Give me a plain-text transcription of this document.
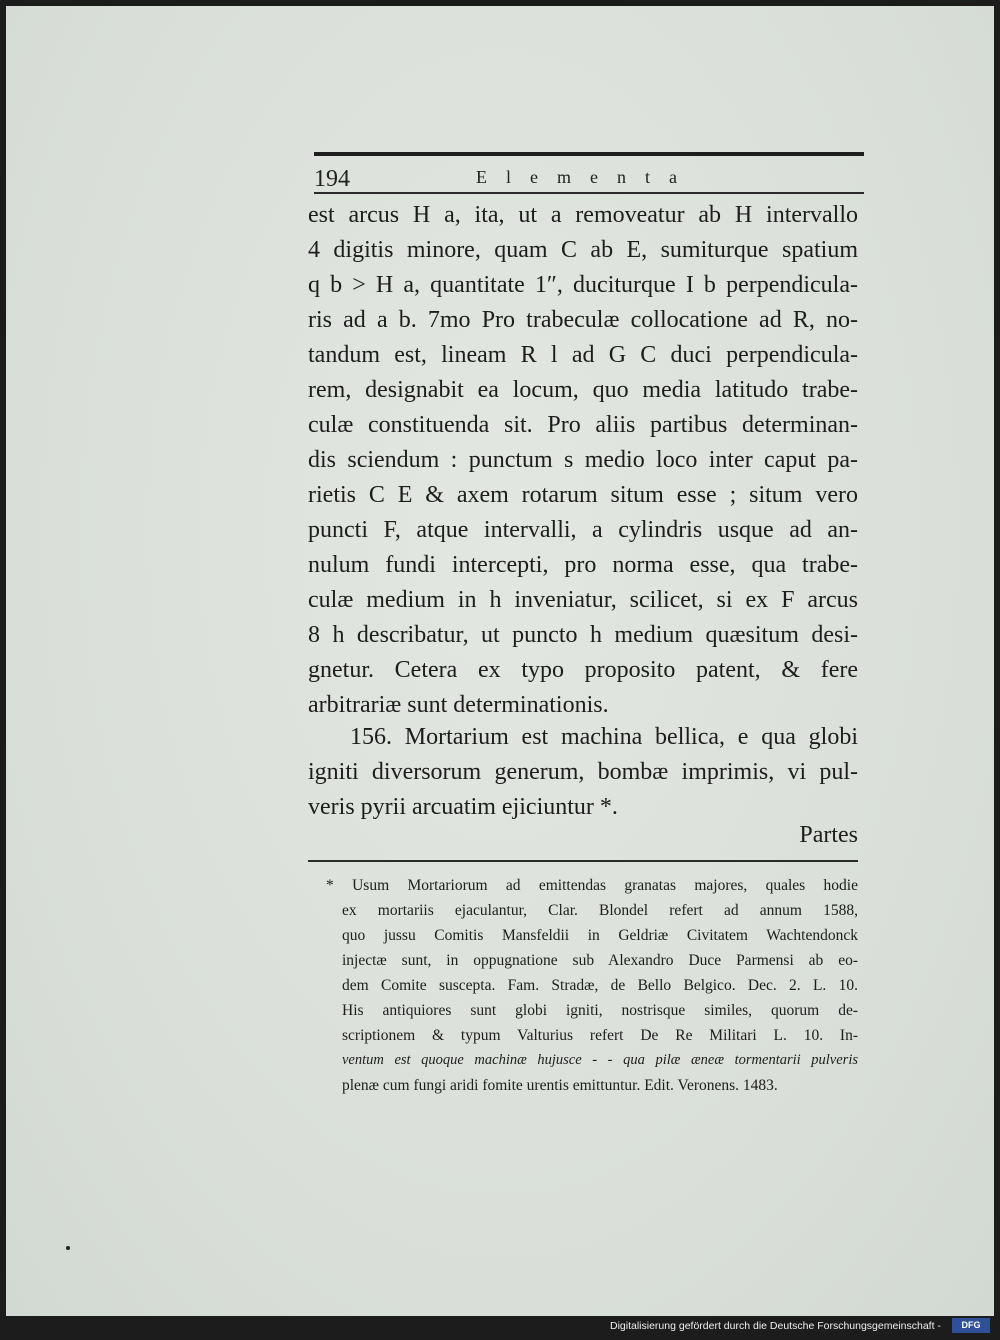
194	Elementa
est arcus H a, ita, ut a removeatur ab H intervallo
4 digitis minore, quam C ab E, sumiturque spatium
q b > H a, quantitate 1″, duciturque I b perpendicula-
ris ad a b. 7mo Pro trabeculæ collocatione ad R, no-
tandum est, lineam R l ad G C duci perpendicula-
rem, designabit ea locum, quo media latitudo trabe-
culæ constituenda sit. Pro aliis partibus determinan-
dis sciendum : punctum s medio loco inter caput pa-
rietis C E & axem rotarum situm esse ; situm vero
puncti F, atque intervalli, a cylindris usque ad an-
nulum fundi intercepti, pro norma esse, qua trabe-
culæ medium in h inveniatur, scilicet, si ex F arcus
8 h describatur, ut puncto h medium quæsitum desi-
gnetur. Cetera ex typo proposito patent, & fere
arbitrariæ sunt determinationis.
156. Mortarium est machina bellica, e qua globi
igniti diversorum generum, bombæ imprimis, vi pul-
veris pyrii arcuatim ejiciuntur *.
Partes
* Usum Mortariorum ad emittendas granatas majores, quales hodie
ex mortariis ejaculantur, Clar. Blondel refert ad annum 1588,
quo jussu Comitis Mansfeldii in Geldriæ Civitatem Wachtendonck
injectæ sunt, in oppugnatione sub Alexandro Duce Parmensi ab eo-
dem Comite suscepta. Fam. Stradæ, de Bello Belgico. Dec. 2. L. 10.
His antiquiores sunt globi igniti, nostrisque similes, quorum de-
scriptionem & typum Valturius refert De Re Militari L. 10. In-
ventum est quoque machinæ hujusce - - qua pilæ æneæ tormentarii pulveris
plenæ cum fungi aridi fomite urentis emittuntur. Edit. Veronens. 1483.
Digitalisierung gefördert durch die Deutsche Forschungsgemeinschaft -	DFG
